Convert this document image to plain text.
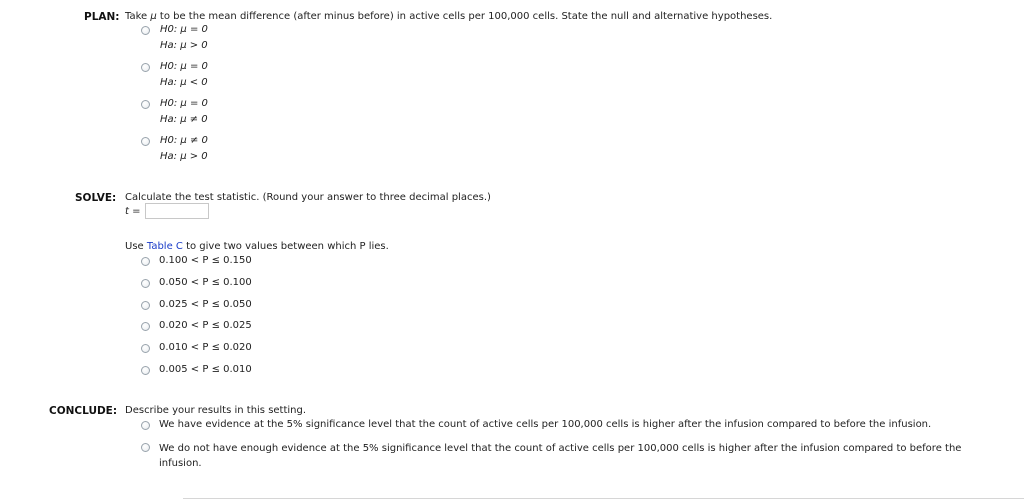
PLAN: Take μ to be the mean difference (after minus before) in active cells per 100,000 cells. State the null and alternative hypotheses.
H0: μ = 0
Ha: μ > 0
H0: μ = 0
Ha: μ < 0
H0: μ = 0
Ha: μ ≠ 0
H0: μ ≠ 0
Ha: μ > 0
SOLVE: Calculate the test statistic. (Round your answer to three decimal places.)
t =
Use Table C to give two values between which P lies.
0.100 < P ≤ 0.150
0.050 < P ≤ 0.100
0.025 < P ≤ 0.050
0.020 < P ≤ 0.025
0.010 < P ≤ 0.020
0.005 < P ≤ 0.010
CONCLUDE: Describe your results in this setting.
We have evidence at the 5% significance level that the count of active cells per 100,000 cells is higher after the infusion compared to before the infusion.
We do not have enough evidence at the 5% significance level that the count of active cells per 100,000 cells is higher after the infusion compared to before the infusion.
